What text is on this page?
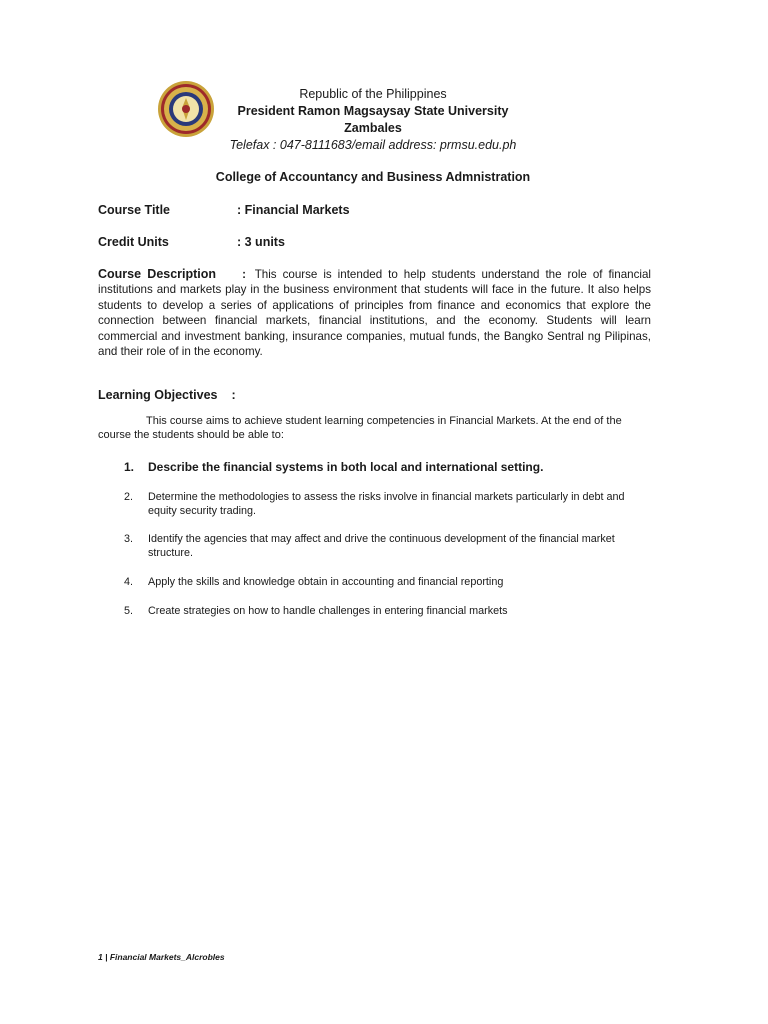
Republic of the Philippines
President Ramon Magsaysay State University
Zambales
Telefax : 047-8111683/email address: prmsu.edu.ph
College of Accountancy and Business Admnistration
Course Title	: Financial Markets
Credit Units	: 3 units
Course Description : This course is intended to help students understand the role of financial institutions and markets play in the business environment that students will face in the future. It also helps students to develop a series of applications of principles from finance and economics that explore the connection between financial markets, financial institutions, and the economy. Students will learn commercial and investment banking, insurance companies, mutual funds, the Bangko Sentral ng Pilipinas, and their role of in the economy.
Learning Objectives :
This course aims to achieve student learning competencies in Financial Markets. At the end of the course the students should be able to:
1. Describe the financial systems in both local and international setting.
2. Determine the methodologies to assess the risks involve in financial markets particularly in debt and equity security trading.
3. Identify the agencies that may affect and drive the continuous development of the financial market structure.
4. Apply the skills and knowledge obtain in accounting and financial reporting
5. Create strategies on how to handle challenges in entering financial markets
1 | Financial Markets_Alcrobles
